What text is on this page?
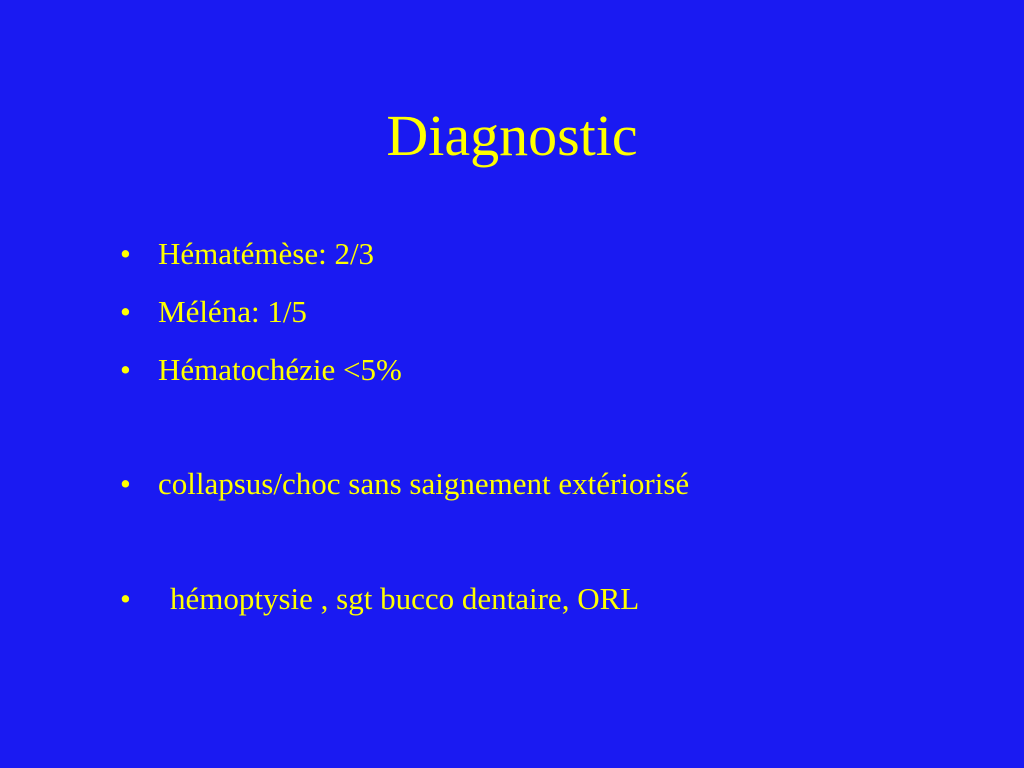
Diagnostic
• Hématémèse: 2/3
• Méléna: 1/5
• Hématochézie <5%
• collapsus/choc sans saignement extériorisé
• hémoptysie , sgt bucco dentaire, ORL
